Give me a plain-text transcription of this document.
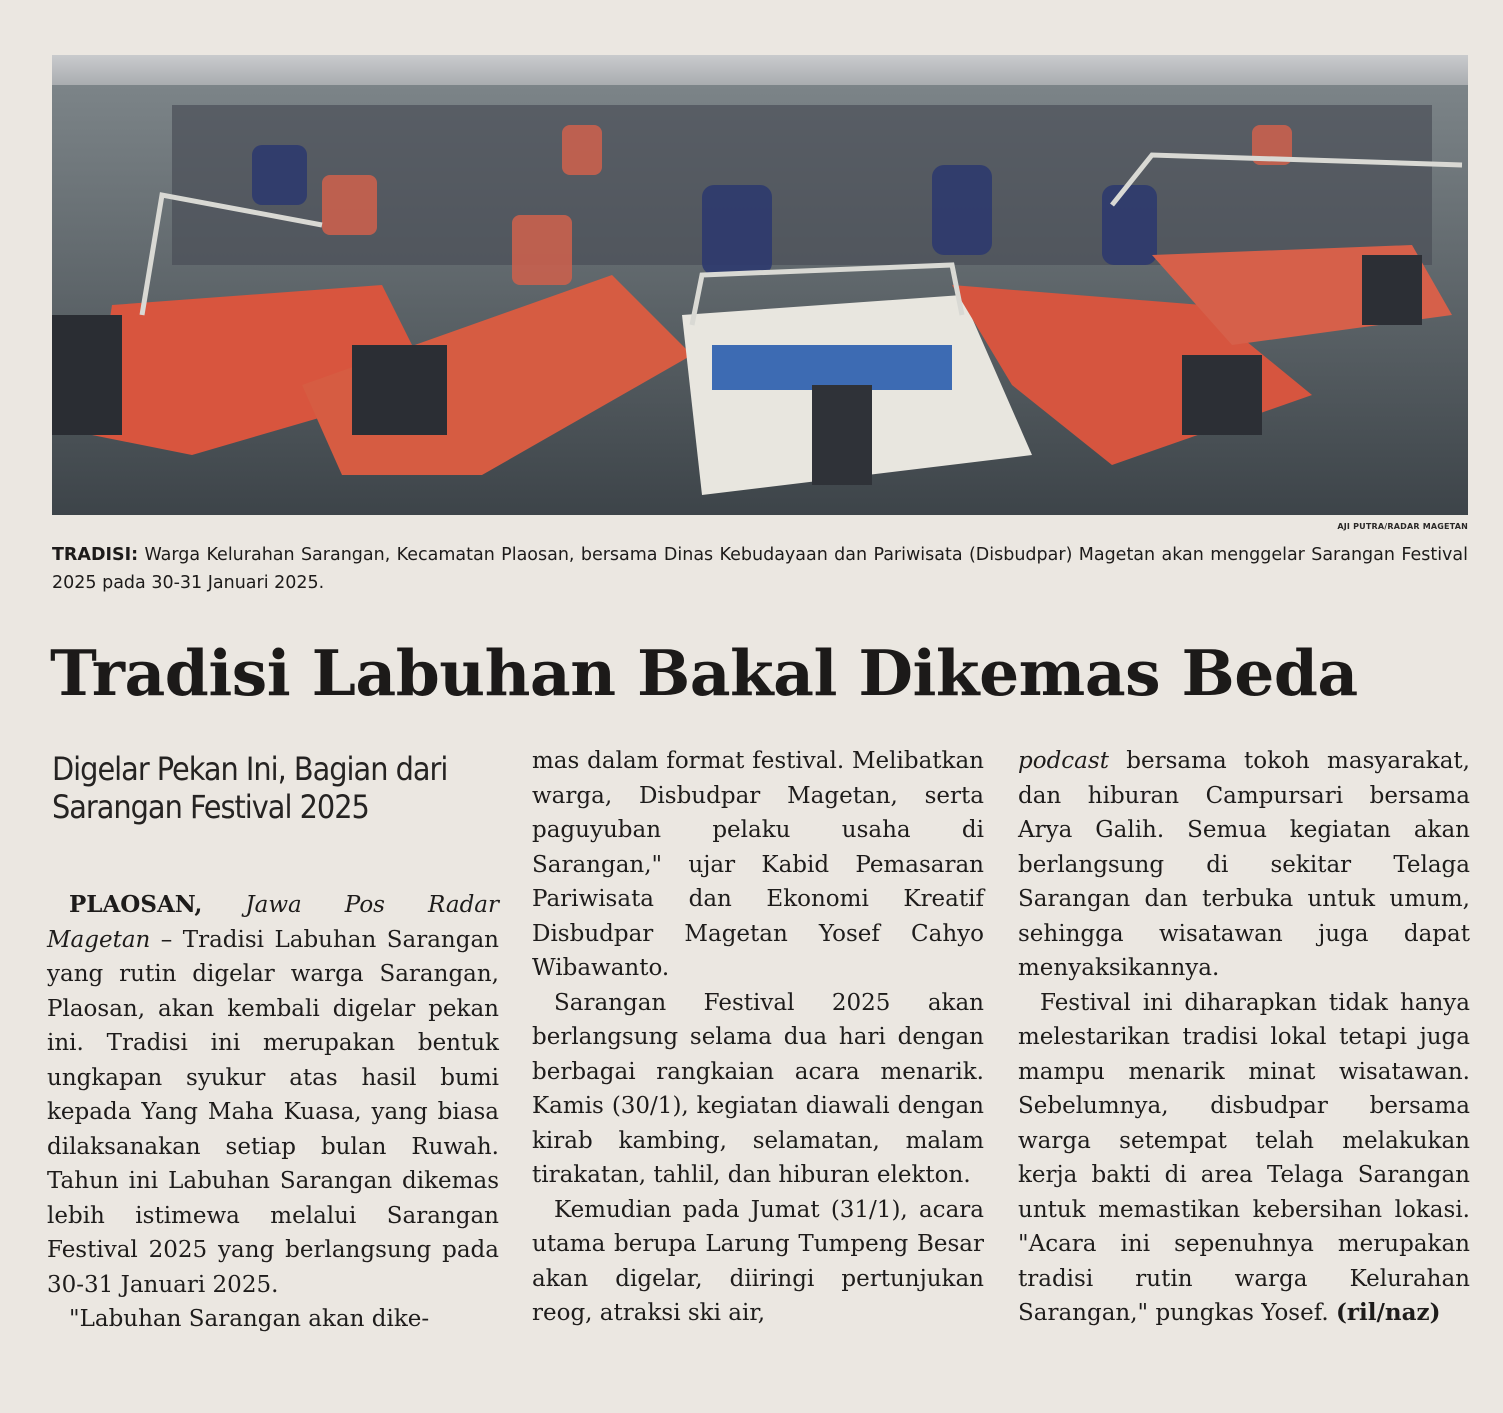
AJI PUTRA/RADAR MAGETAN
TRADISI: Warga Kelurahan Sarangan, Kecamatan Plaosan, bersama Dinas Kebudayaan dan Pariwisata (Disbudpar) Magetan akan menggelar Sarangan Festival 2025 pada 30-31 Januari 2025.
Tradisi Labuhan Bakal Dikemas Beda
Digelar Pekan Ini, Bagian dari Sarangan Festival 2025

PLAOSAN, Jawa Pos Radar Magetan – Tradisi Labuhan Sarangan yang rutin digelar warga Sarangan, Plaosan, akan kembali digelar pekan ini. Tradisi ini merupakan bentuk ungkapan syukur atas hasil bumi kepada Yang Maha Kuasa, yang biasa dilaksanakan setiap bulan Ruwah. Tahun ini Labuhan Sarangan dikemas lebih istimewa melalui Sarangan Festival 2025 yang berlangsung pada 30-31 Januari 2025.

"Labuhan Sarangan akan dike-

mas dalam format festival. Melibatkan warga, Disbudpar Magetan, serta paguyuban pelaku usaha di Sarangan," ujar Kabid Pemasaran Pariwisata dan Ekonomi Kreatif Disbudpar Magetan Yosef Cahyo Wibawanto.

Sarangan Festival 2025 akan berlangsung selama dua hari dengan berbagai rangkaian acara menarik. Kamis (30/1), kegiatan diawali dengan kirab kambing, selamatan, malam tirakatan, tahlil, dan hiburan elekton.

Kemudian pada Jumat (31/1), acara utama berupa Larung Tumpeng Besar akan digelar, diiringi pertunjukan reog, atraksi ski air,

podcast bersama tokoh masyarakat, dan hiburan Campursari bersama Arya Galih. Semua kegiatan akan berlangsung di sekitar Telaga Sarangan dan terbuka untuk umum, sehingga wisatawan juga dapat menyaksikannya.

Festival ini diharapkan tidak hanya melestarikan tradisi lokal tetapi juga mampu menarik minat wisatawan. Sebelumnya, disbudpar bersama warga setempat telah melakukan kerja bakti di area Telaga Sarangan untuk memastikan kebersihan lokasi. "Acara ini sepenuhnya merupakan tradisi rutin warga Kelurahan Sarangan," pungkas Yosef. (ril/naz)
